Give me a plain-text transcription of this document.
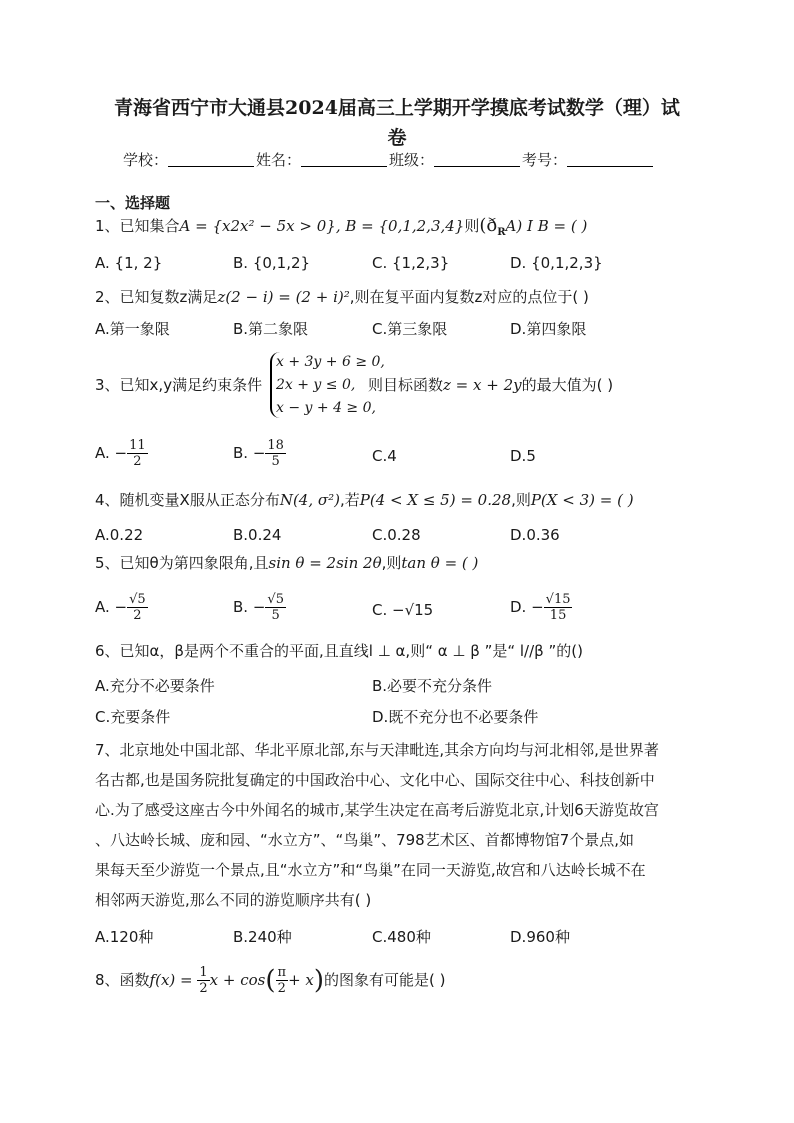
青海省西宁市大通县2024届高三上学期开学摸底考试数学（理）试
卷
学校：	姓名：	班级：	考号：
一、选择题
1、已知集合A = {x2x² − 5x > 0}, B = {0,1,2,3,4}则$(ð_RA)$ I B = ( )
A. {1, 2}	B. {0,1,2}	C. {1,2,3}	D. {0,1,2,3}
2、已知复数z满足z(2 − i) = (2 + i)²,则在复平面内复数z对应的点位于( )
A.第一象限	B.第二象限	C.第三象限	D.第四象限
3、已知x,y满足约束条件
x + 3y + 6 ≥ 0,
2x + y ≤ 0,
x − y + 4 ≥ 0,
则目标函数z = x + 2y的最大值为( )
A. − $\frac{11}{2}$	B. − $\frac{18}{5}$	C.4	D.5
4、随机变量X服从正态分布N(4, σ²),若P(4 < X ≤ 5) = 0.28,则P(X < 3) = ( )
A.0.22	B.0.24	C.0.28	D.0.36
5、已知θ为第四象限角,且sin θ = 2sin 2θ,则tan θ = ( )
A. − $\frac{√5}{2}$	B. − $\frac{√5}{5}$	C. −√15	D. − $\frac{√15}{15}$
6、已知α，β是两个不重合的平面,且直线l ⊥ α,则“ α ⊥ β ”是“ l//β ”的()
A.充分不必要条件	B.必要不充分条件
C.充要条件	D.既不充分也不必要条件
7、北京地处中国北部、华北平原北部,东与天津毗连,其余方向均与河北相邻,是世界著
名古都,也是国务院批复确定的中国政治中心、文化中心、国际交往中心、科技创新中
心.为了感受这座古今中外闻名的城市,某学生决定在高考后游览北京,计划6天游览故宫
、八达岭长城、庞和园、“水立方”、“鸟巢”、798艺术区、首都博物馆7个景点,如
果每天至少游览一个景点,且“水立方”和“鸟巢”在同一天游览,故宫和八达岭长城不在
相邻两天游览,那么不同的游览顺序共有( )
A.120种	B.240种	C.480种	D.960种
8、函数$f(x) = \frac{1}{2}$ $x + \cos( \frac{\pi}{2} + x)$的图象有可能是( )
